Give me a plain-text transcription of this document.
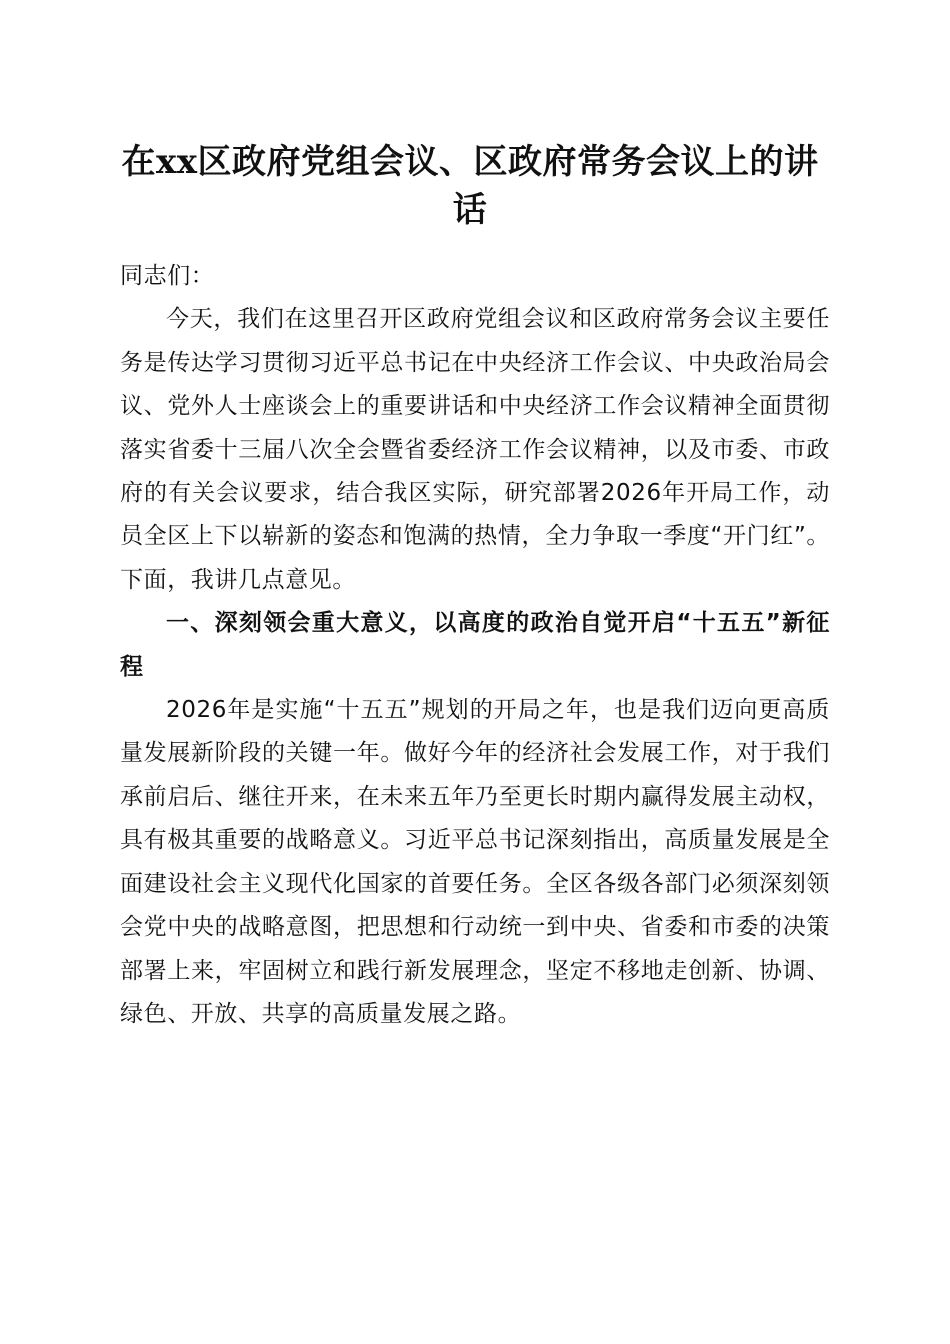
在xx区政府党组会议、区政府常务会议上的讲话

同志们：

今天，我们在这里召开区政府党组会议和区政府常务会议主要任务是传达学习贯彻习近平总书记在中央经济工作会议、中央政治局会议、党外人士座谈会上的重要讲话和中央经济工作会议精神全面贯彻落实省委十三届八次全会暨省委经济工作会议精神，以及市委、市政府的有关会议要求，结合我区实际，研究部署2026年开局工作，动员全区上下以崭新的姿态和饱满的热情，全力争取一季度“开门红”。下面，我讲几点意见。

一、深刻领会重大意义，以高度的政治自觉开启“十五五”新征程

2026年是实施“十五五”规划的开局之年，也是我们迈向更高质量发展新阶段的关键一年。做好今年的经济社会发展工作，对于我们承前启后、继往开来，在未来五年乃至更长时期内赢得发展主动权，具有极其重要的战略意义。习近平总书记深刻指出，高质量发展是全面建设社会主义现代化国家的首要任务。全区各级各部门必须深刻领会党中央的战略意图，把思想和行动统一到中央、省委和市委的决策部署上来，牢固树立和践行新发展理念，坚定不移地走创新、协调、绿色、开放、共享的高质量发展之路。
